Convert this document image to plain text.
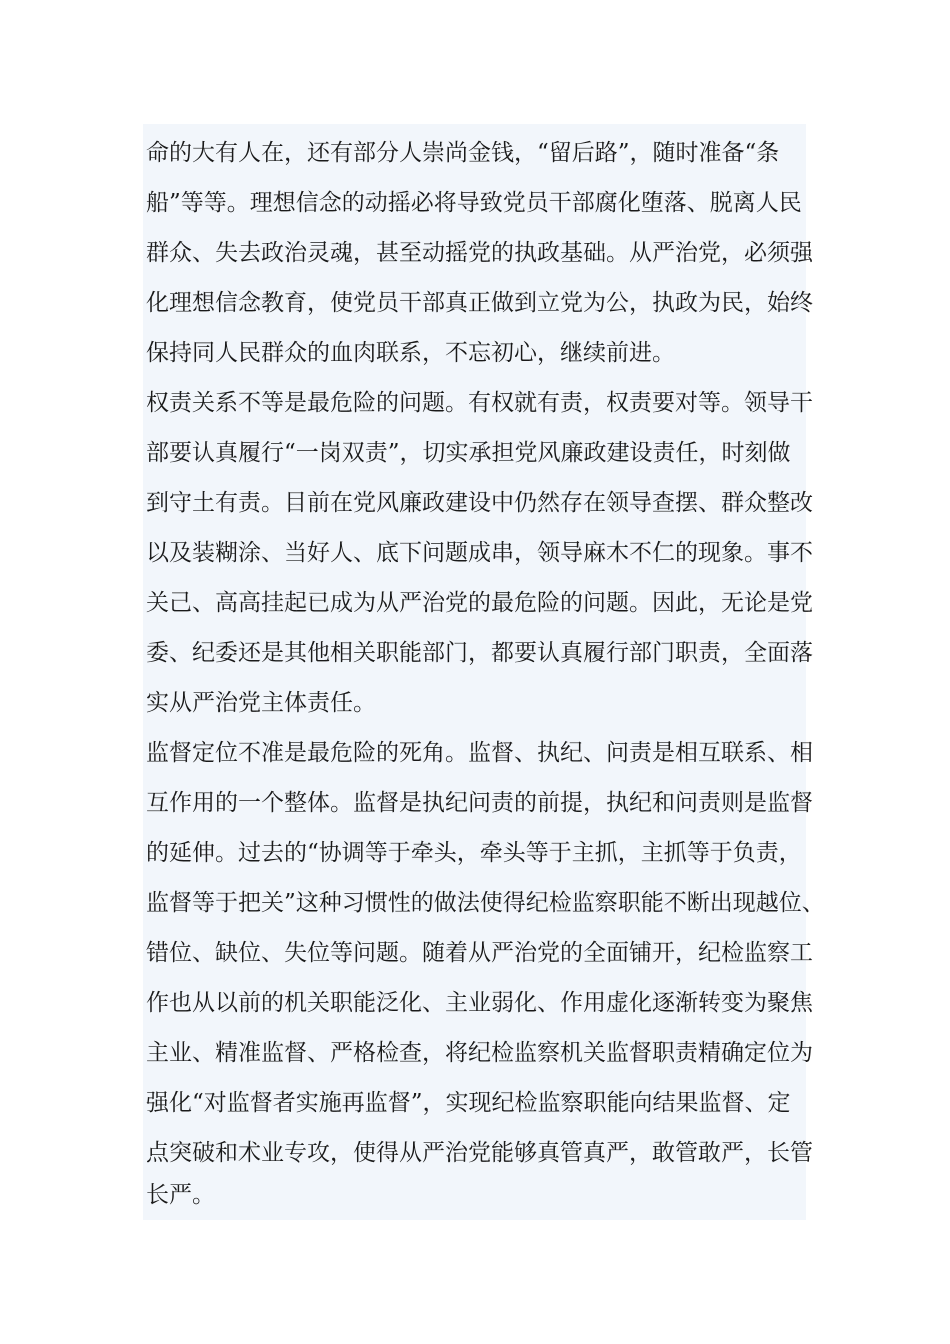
命的大有人在，还有部分人崇尚金钱，“留后路”，随时准备“条
船”等等。理想信念的动摇必将导致党员干部腐化堕落、脱离人民
群众、失去政治灵魂，甚至动摇党的执政基础。从严治党，必须强
化理想信念教育，使党员干部真正做到立党为公，执政为民，始终
保持同人民群众的血肉联系，不忘初心，继续前进。
权责关系不等是最危险的问题。有权就有责，权责要对等。领导干
部要认真履行“一岗双责”，切实承担党风廉政建设责任，时刻做
到守土有责。目前在党风廉政建设中仍然存在领导查摆、群众整改
以及装糊涂、当好人、底下问题成串，领导麻木不仁的现象。事不
关己、高高挂起已成为从严治党的最危险的问题。因此，无论是党
委、纪委还是其他相关职能部门，都要认真履行部门职责，全面落
实从严治党主体责任。
监督定位不准是最危险的死角。监督、执纪、问责是相互联系、相
互作用的一个整体。监督是执纪问责的前提，执纪和问责则是监督
的延伸。过去的“协调等于牵头，牵头等于主抓，主抓等于负责，
监督等于把关”这种习惯性的做法使得纪检监察职能不断出现越位、
错位、缺位、失位等问题。随着从严治党的全面铺开，纪检监察工
作也从以前的机关职能泛化、主业弱化、作用虚化逐渐转变为聚焦
主业、精准监督、严格检查，将纪检监察机关监督职责精确定位为
强化“对监督者实施再监督”，实现纪检监察职能向结果监督、定
点突破和术业专攻，使得从严治党能够真管真严，敢管敢严，长管
长严。
